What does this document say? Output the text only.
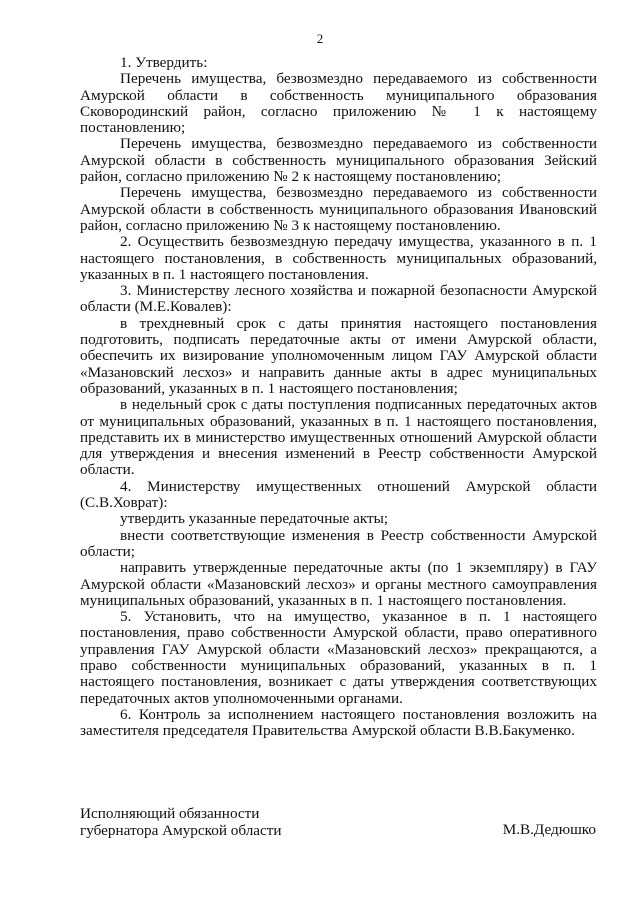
2

1. Утвердить:

Перечень имущества, безвозмездно передаваемого из собственности Амурской области в собственность муниципального образования Сковородинский район, согласно приложению № 1 к настоящему постановлению;

Перечень имущества, безвозмездно передаваемого из собственности Амурской области в собственность муниципального образования Зейский район, согласно приложению № 2 к настоящему постановлению;

Перечень имущества, безвозмездно передаваемого из собственности Амурской области в собственность муниципального образования Ивановский район, согласно приложению № 3 к настоящему постановлению.

2. Осуществить безвозмездную передачу имущества, указанного в п. 1 настоящего постановления, в собственность муниципальных образований, указанных в п. 1 настоящего постановления.

3. Министерству лесного хозяйства и пожарной безопасности Амурской области (М.Е.Ковалев):

в трехдневный срок с даты принятия настоящего постановления подготовить, подписать передаточные акты от имени Амурской области, обеспечить их визирование уполномоченным лицом ГАУ Амурской области «Мазановский лесхоз» и направить данные акты в адрес муниципальных образований, указанных в п. 1 настоящего постановления;

в недельный срок с даты поступления подписанных передаточных актов от муниципальных образований, указанных в п. 1 настоящего постановления, представить их в министерство имущественных отношений Амурской области для утверждения и внесения изменений в Реестр собственности Амурской области.

4. Министерству имущественных отношений Амурской области (С.В.Ховрат):

утвердить указанные передаточные акты;

внести соответствующие изменения в Реестр собственности Амурской области;

направить утвержденные передаточные акты (по 1 экземпляру) в ГАУ Амурской области «Мазановский лесхоз» и органы местного самоуправления муниципальных образований, указанных в п. 1 настоящего постановления.

5. Установить, что на имущество, указанное в п. 1 настоящего постановления, право собственности Амурской области, право оперативного управления ГАУ Амурской области «Мазановский лесхоз» прекращаются, а право собственности муниципальных образований, указанных в п. 1 настоящего постановления, возникает с даты утверждения соответствующих передаточных актов уполномоченными органами.

6. Контроль за исполнением настоящего постановления возложить на заместителя председателя Правительства Амурской области В.В.Бакуменко.

Исполняющий обязанности
губернатора Амурской области	М.В.Дедюшко
